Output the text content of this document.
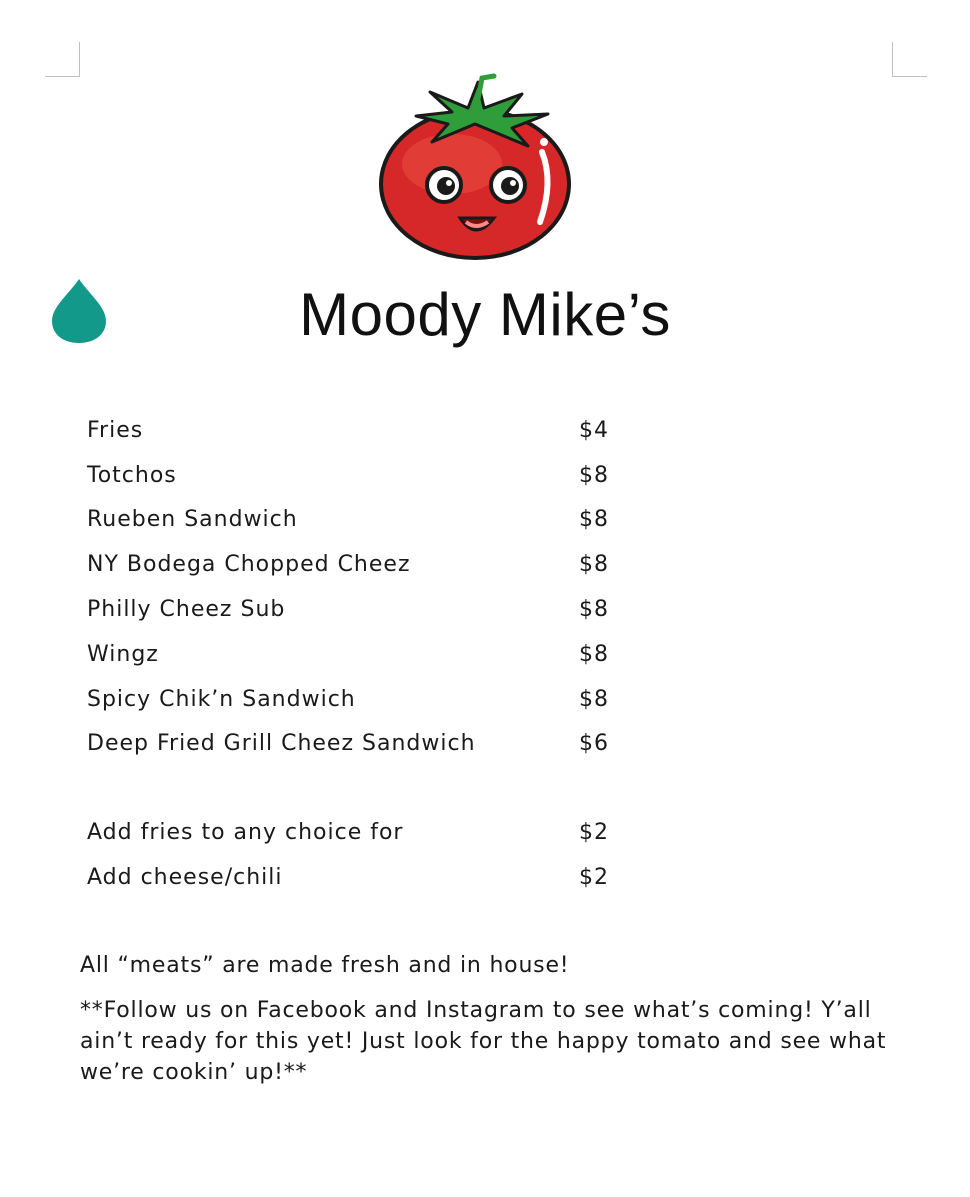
Moody Mike’s
Fries	$4
Totchos	$8
Rueben Sandwich	$8
NY Bodega Chopped Cheez	$8
Philly Cheez Sub	$8
Wingz	$8
Spicy Chik’n Sandwich	$8
Deep Fried Grill Cheez Sandwich	$6
Add fries to any choice for	$2
Add cheese/chili	$2

All “meats” are made fresh and in house!

**Follow us on Facebook and Instagram to see what’s coming! Y’all ain’t ready for this yet! Just look for the happy tomato and see what we’re cookin’ up!**
